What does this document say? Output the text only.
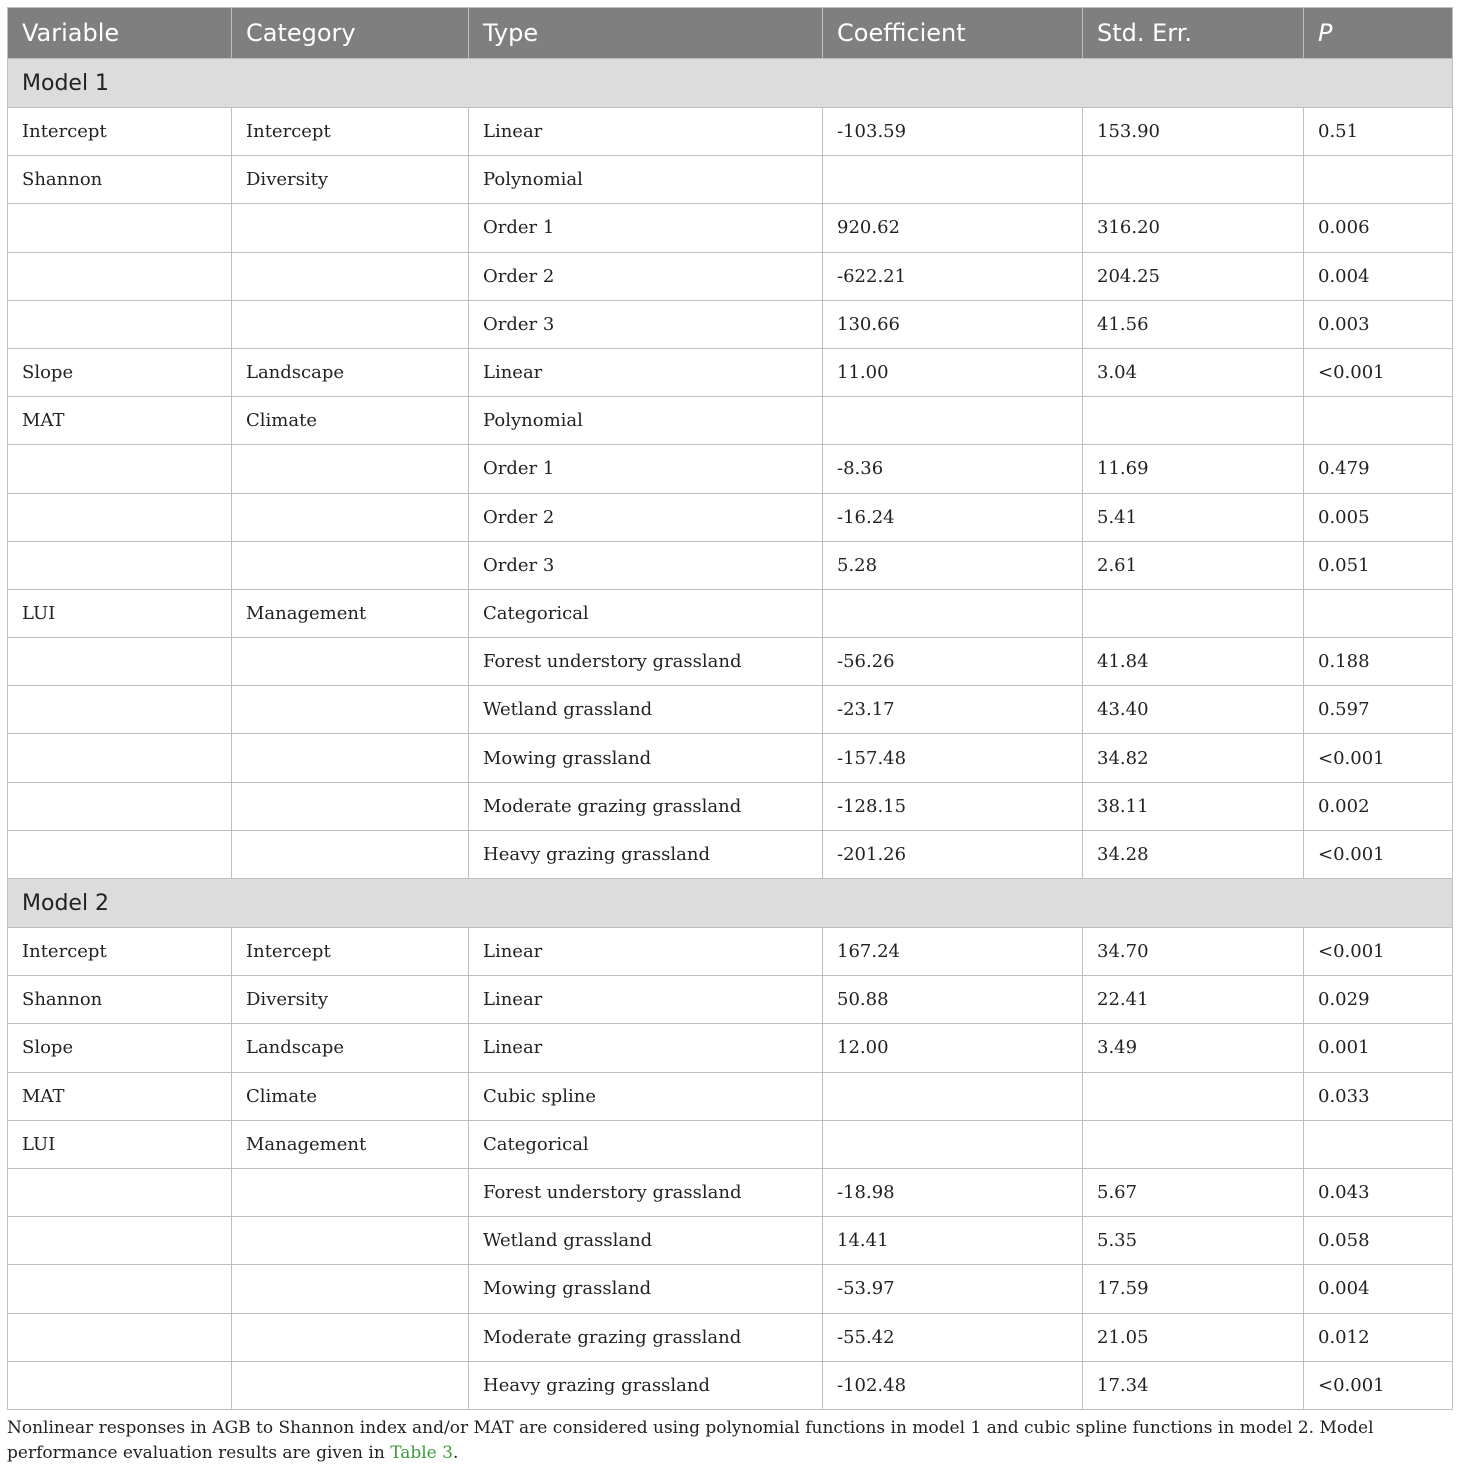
Variable	Category	Type	Coefficient	Std. Err.	P
Model 1					
Intercept	Intercept	Linear	-103.59	153.90	0.51
Shannon	Diversity	Polynomial			
		Order 1	920.62	316.20	0.006
		Order 2	-622.21	204.25	0.004
		Order 3	130.66	41.56	0.003
Slope	Landscape	Linear	11.00	3.04	<0.001
MAT	Climate	Polynomial			
		Order 1	-8.36	11.69	0.479
		Order 2	-16.24	5.41	0.005
		Order 3	5.28	2.61	0.051
LUI	Management	Categorical			
		Forest understory grassland	-56.26	41.84	0.188
		Wetland grassland	-23.17	43.40	0.597
		Mowing grassland	-157.48	34.82	<0.001
		Moderate grazing grassland	-128.15	38.11	0.002
		Heavy grazing grassland	-201.26	34.28	<0.001
Model 2					
Intercept	Intercept	Linear	167.24	34.70	<0.001
Shannon	Diversity	Linear	50.88	22.41	0.029
Slope	Landscape	Linear	12.00	3.49	0.001
MAT	Climate	Cubic spline			0.033
LUI	Management	Categorical			
		Forest understory grassland	-18.98	5.67	0.043
		Wetland grassland	14.41	5.35	0.058
		Mowing grassland	-53.97	17.59	0.004
		Moderate grazing grassland	-55.42	21.05	0.012
		Heavy grazing grassland	-102.48	17.34	<0.001
Nonlinear responses in AGB to Shannon index and/or MAT are considered using polynomial functions in model 1 and cubic spline functions in model 2. Model performance evaluation results are given in Table 3.
